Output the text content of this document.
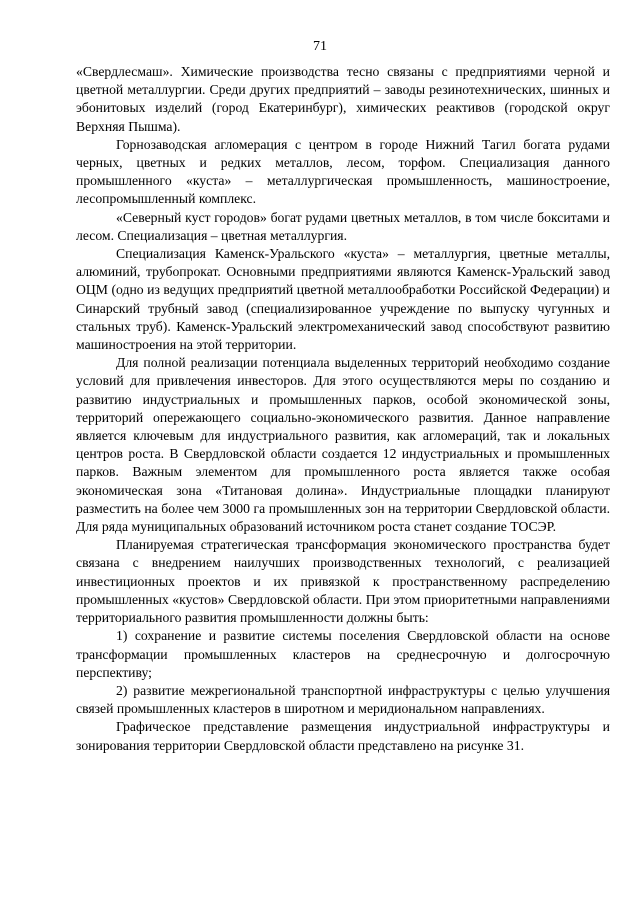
71

«Свердлесмаш». Химические производства тесно связаны с предприятиями черной и цветной металлургии. Среди других предприятий – заводы резинотехнических, шинных и эбонитовых изделий (город Екатеринбург), химических реактивов (городской округ Верхняя Пышма).

Горнозаводская агломерация с центром в городе Нижний Тагил богата рудами черных, цветных и редких металлов, лесом, торфом. Специализация данного промышленного «куста» – металлургическая промышленность, машиностроение, лесопромышленный комплекс.

«Северный куст городов» богат рудами цветных металлов, в том числе бокситами и лесом. Специализация – цветная металлургия.

Специализация Каменск-Уральского «куста» – металлургия, цветные металлы, алюминий, трубопрокат. Основными предприятиями являются Каменск-Уральский завод ОЦМ (одно из ведущих предприятий цветной металлообработки Российской Федерации) и Синарский трубный завод (специализированное учреждение по выпуску чугунных и стальных труб). Каменск-Уральский электромеханический завод способствуют развитию машиностроения на этой территории.

Для полной реализации потенциала выделенных территорий необходимо создание условий для привлечения инвесторов. Для этого осуществляются меры по созданию и развитию индустриальных и промышленных парков, особой экономической зоны, территорий опережающего социально-экономического развития. Данное направление является ключевым для индустриального развития, как агломераций, так и локальных центров роста. В Свердловской области создается 12 индустриальных и промышленных парков. Важным элементом для промышленного роста является также особая экономическая зона «Титановая долина». Индустриальные площадки планируют разместить на более чем 3000 га промышленных зон на территории Свердловской области. Для ряда муниципальных образований источником роста станет создание ТОСЭР.

Планируемая стратегическая трансформация экономического пространства будет связана с внедрением наилучших производственных технологий, с реализацией инвестиционных проектов и их привязкой к пространственному распределению промышленных «кустов» Свердловской области. При этом приоритетными направлениями территориального развития промышленности должны быть:

1) сохранение и развитие системы поселения Свердловской области на основе трансформации промышленных кластеров на среднесрочную и долгосрочную перспективу;

2) развитие межрегиональной транспортной инфраструктуры с целью улучшения связей промышленных кластеров в широтном и меридиональном направлениях.

Графическое представление размещения индустриальной инфраструктуры и зонирования территории Свердловской области представлено на рисунке 31.
